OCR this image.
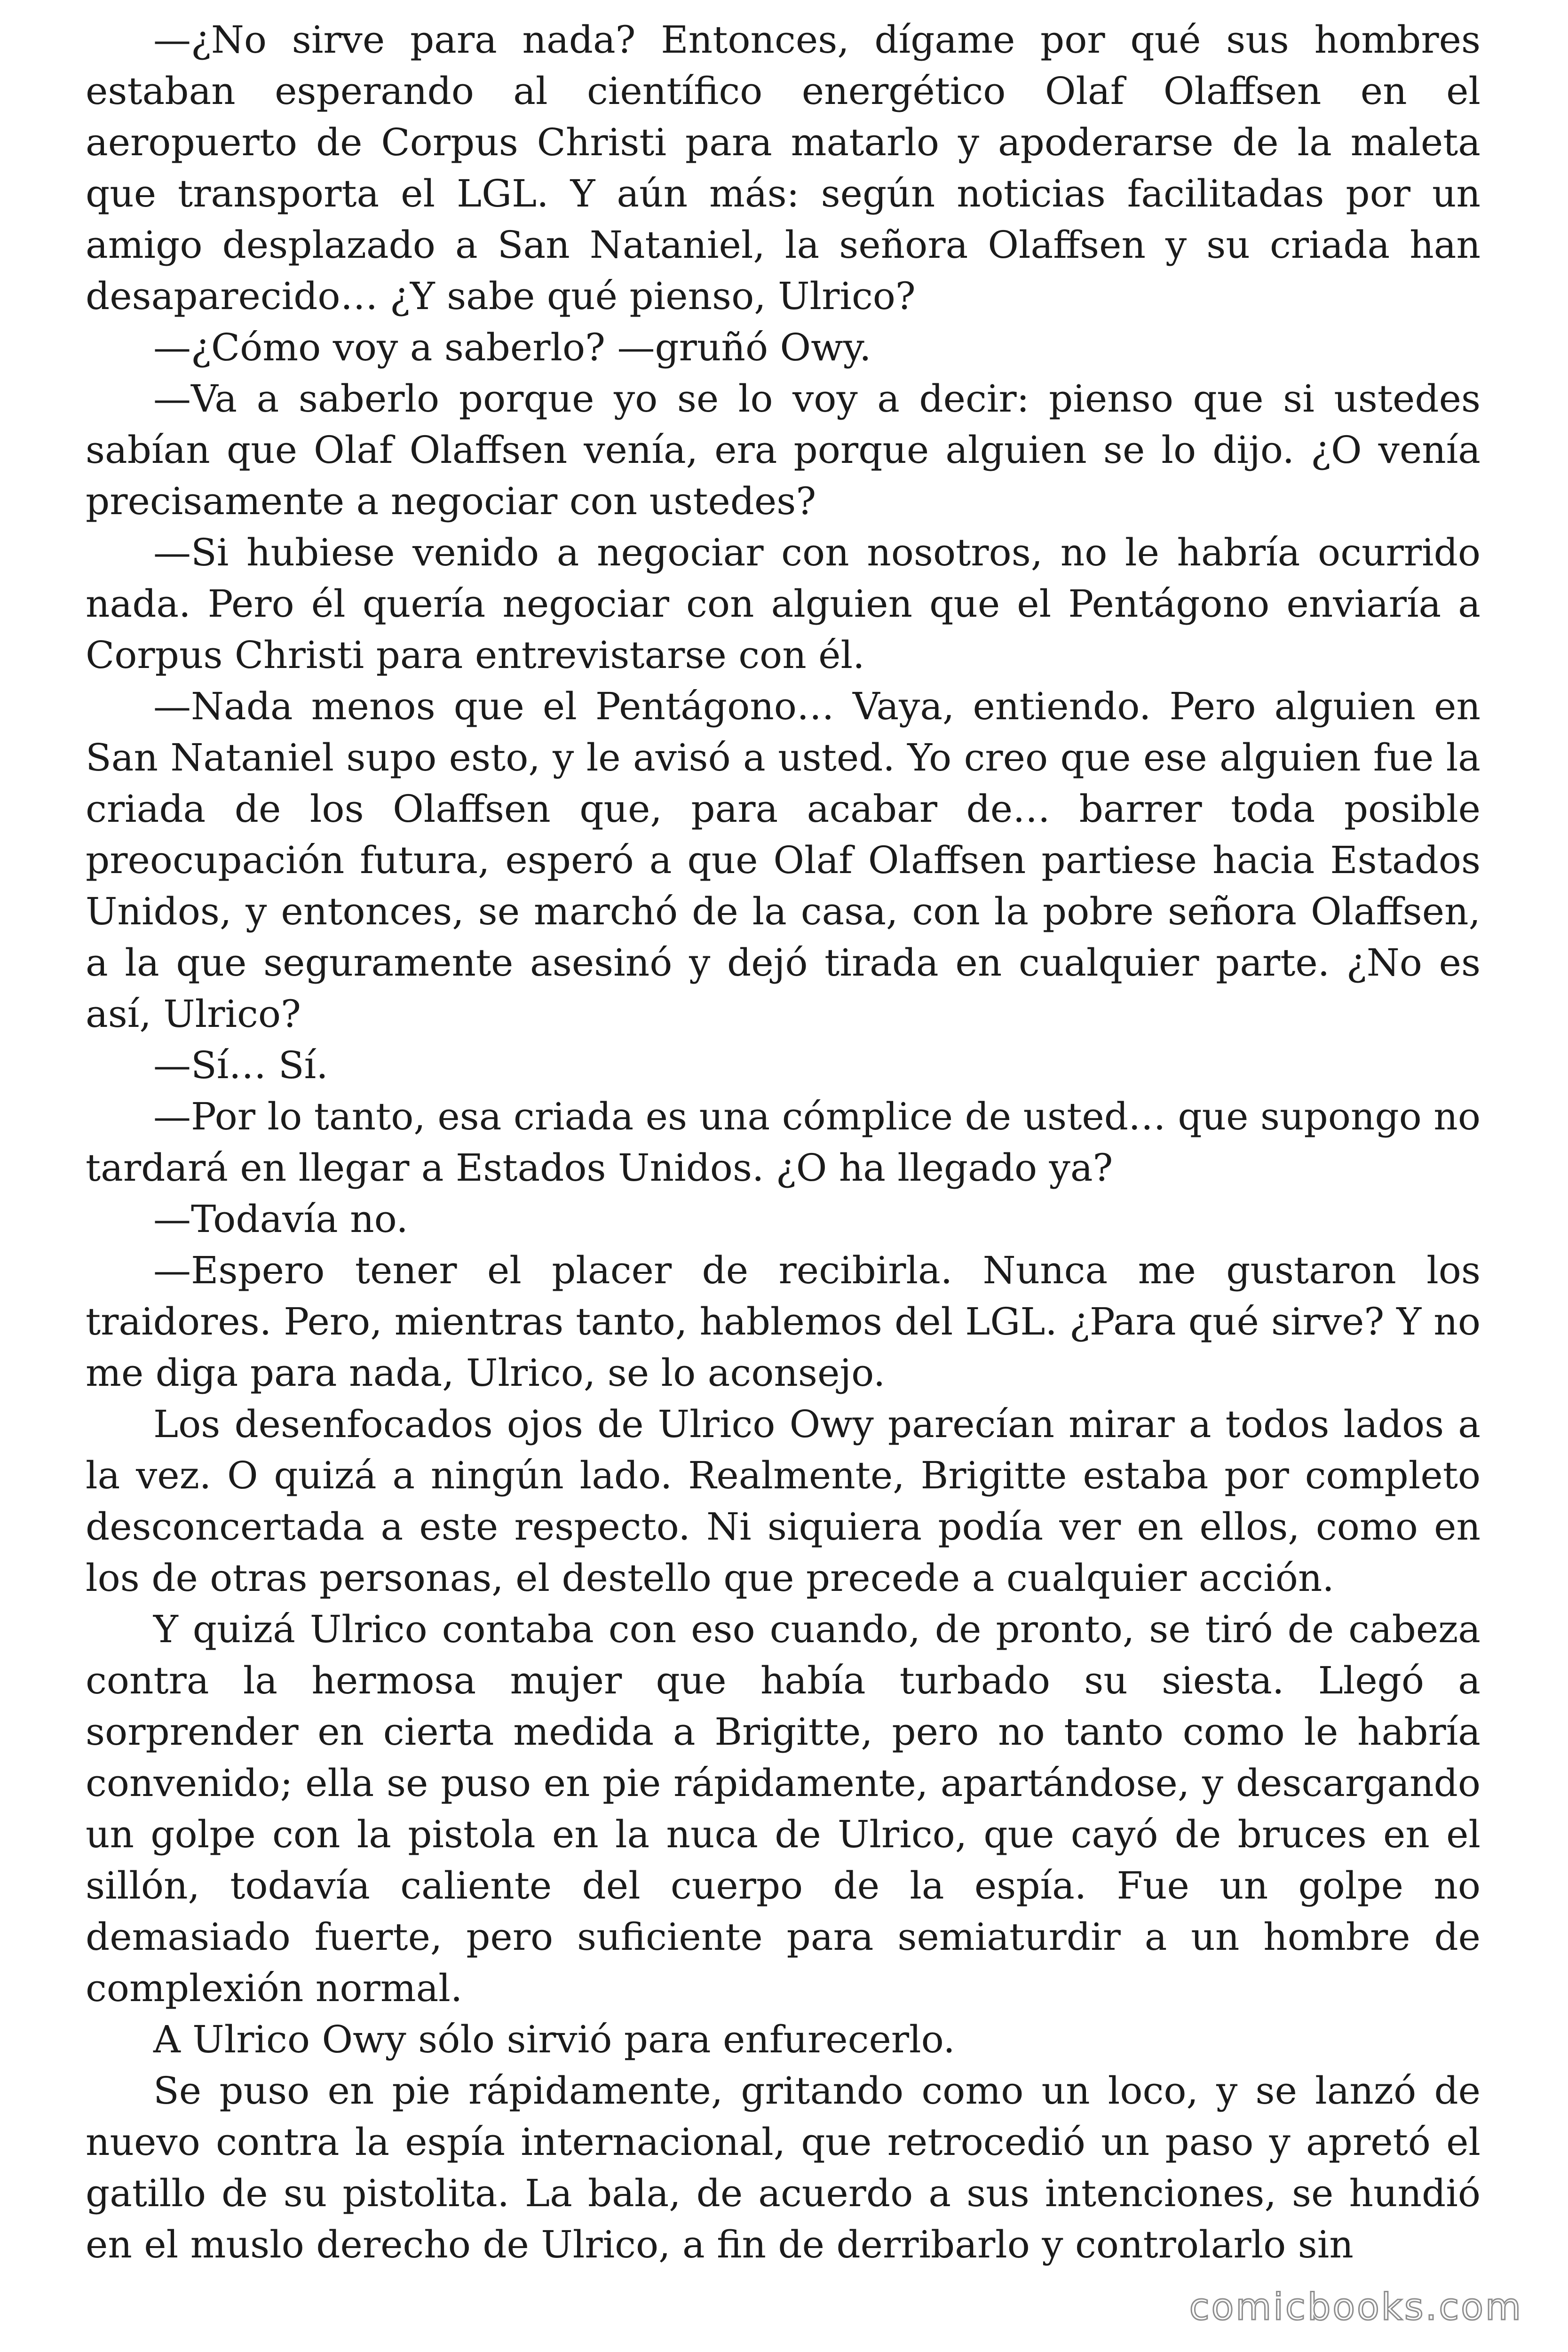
—¿No sirve para nada? Entonces, dígame por qué sus hombres estaban esperando al científico energético Olaf Olaffsen en el aeropuerto de Corpus Christi para matarlo y apoderarse de la maleta que transporta el LGL. Y aún más: según noticias facilitadas por un amigo desplazado a San Nataniel, la señora Olaffsen y su criada han desaparecido… ¿Y sabe qué pienso, Ulrico?

—¿Cómo voy a saberlo? —gruñó Owy.

—Va a saberlo porque yo se lo voy a decir: pienso que si ustedes sabían que Olaf Olaffsen venía, era porque alguien se lo dijo. ¿O venía precisamente a negociar con ustedes?

—Si hubiese venido a negociar con nosotros, no le habría ocurrido nada. Pero él quería negociar con alguien que el Pentágono enviaría a Corpus Christi para entrevistarse con él.

—Nada menos que el Pentágono… Vaya, entiendo. Pero alguien en San Nataniel supo esto, y le avisó a usted. Yo creo que ese alguien fue la criada de los Olaffsen que, para acabar de… barrer toda posible preocupación futura, esperó a que Olaf Olaffsen partiese hacia Estados Unidos, y entonces, se marchó de la casa, con la pobre señora Olaffsen, a la que seguramente asesinó y dejó tirada en cualquier parte. ¿No es así, Ulrico?

—Sí… Sí.

—Por lo tanto, esa criada es una cómplice de usted… que supongo no tardará en llegar a Estados Unidos. ¿O ha llegado ya?

—Todavía no.

—Espero tener el placer de recibirla. Nunca me gustaron los traidores. Pero, mientras tanto, hablemos del LGL. ¿Para qué sirve? Y no me diga para nada, Ulrico, se lo aconsejo.

Los desenfocados ojos de Ulrico Owy parecían mirar a todos lados a la vez. O quizá a ningún lado. Realmente, Brigitte estaba por completo desconcertada a este respecto. Ni siquiera podía ver en ellos, como en los de otras personas, el destello que precede a cualquier acción.

Y quizá Ulrico contaba con eso cuando, de pronto, se tiró de cabeza contra la hermosa mujer que había turbado su siesta. Llegó a sorprender en cierta medida a Brigitte, pero no tanto como le habría convenido; ella se puso en pie rápidamente, apartándose, y descargando un golpe con la pistola en la nuca de Ulrico, que cayó de bruces en el sillón, todavía caliente del cuerpo de la espía. Fue un golpe no demasiado fuerte, pero suficiente para semiaturdir a un hombre de complexión normal.

A Ulrico Owy sólo sirvió para enfurecerlo.

Se puso en pie rápidamente, gritando como un loco, y se lanzó de nuevo contra la espía internacional, que retrocedió un paso y apretó el gatillo de su pistolita. La bala, de acuerdo a sus intenciones, se hundió en el muslo derecho de Ulrico, a fin de derribarlo y controlarlo sin

comicbooks.com
